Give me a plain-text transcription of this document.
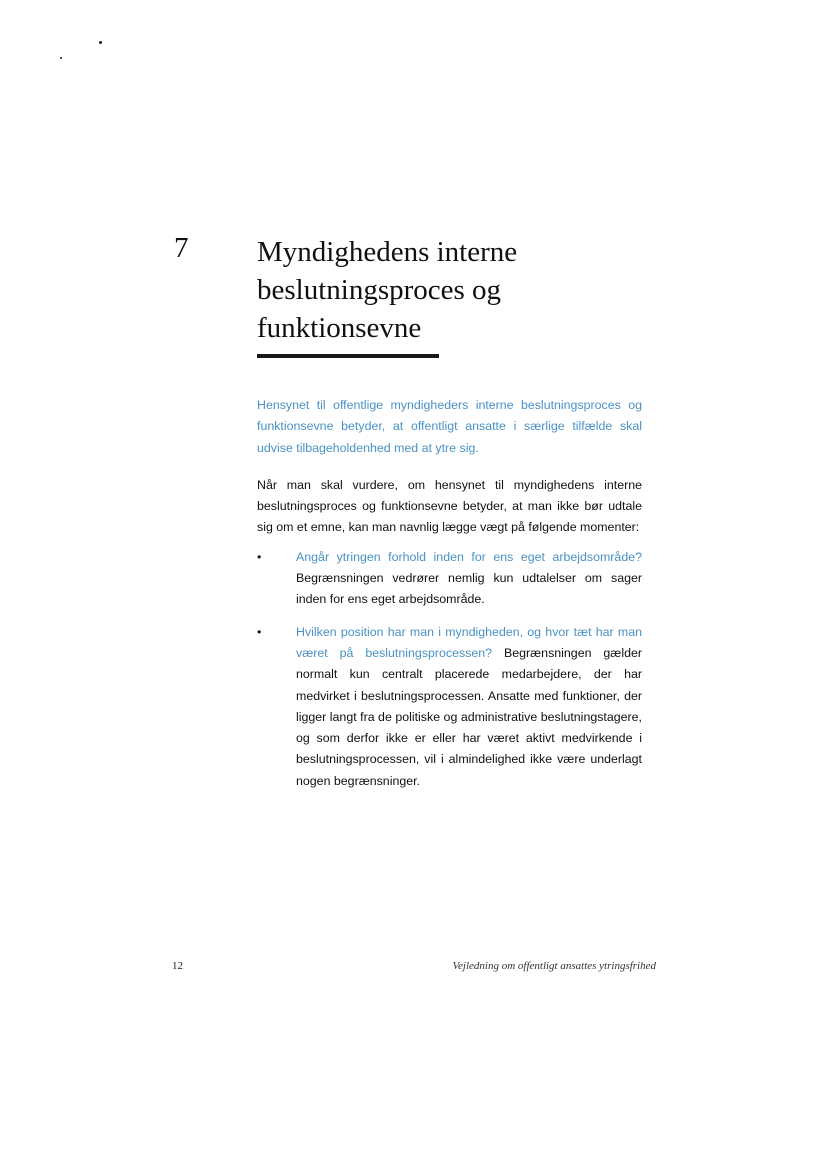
7 Myndighedens interne beslutningsproces og funktionsevne

Hensynet til offentlige myndigheders interne beslutningsproces og funktionsevne betyder, at offentligt ansatte i særlige tilfælde skal udvise tilbageholdenhed med at ytre sig.

Når man skal vurdere, om hensynet til myndighedens interne beslutningsproces og funktionsevne betyder, at man ikke bør udtale sig om et emne, kan man navnlig lægge vægt på følgende momenter:

•	Angår ytringen forhold inden for ens eget arbejdsområde? Begrænsningen vedrører nemlig kun udtalelser om sager inden for ens eget arbejdsområde.
•	Hvilken position har man i myndigheden, og hvor tæt har man været på beslutningsprocessen? Begrænsningen gælder normalt kun centralt placerede medarbejdere, der har medvirket i beslutningsprocessen. Ansatte med funktioner, der ligger langt fra de politiske og administrative beslutningstagere, og som derfor ikke er eller har været aktivt medvirkende i beslutningsprocessen, vil i almindelighed ikke være underlagt nogen begrænsninger.
12	Vejledning om offentligt ansattes ytringsfrihed
